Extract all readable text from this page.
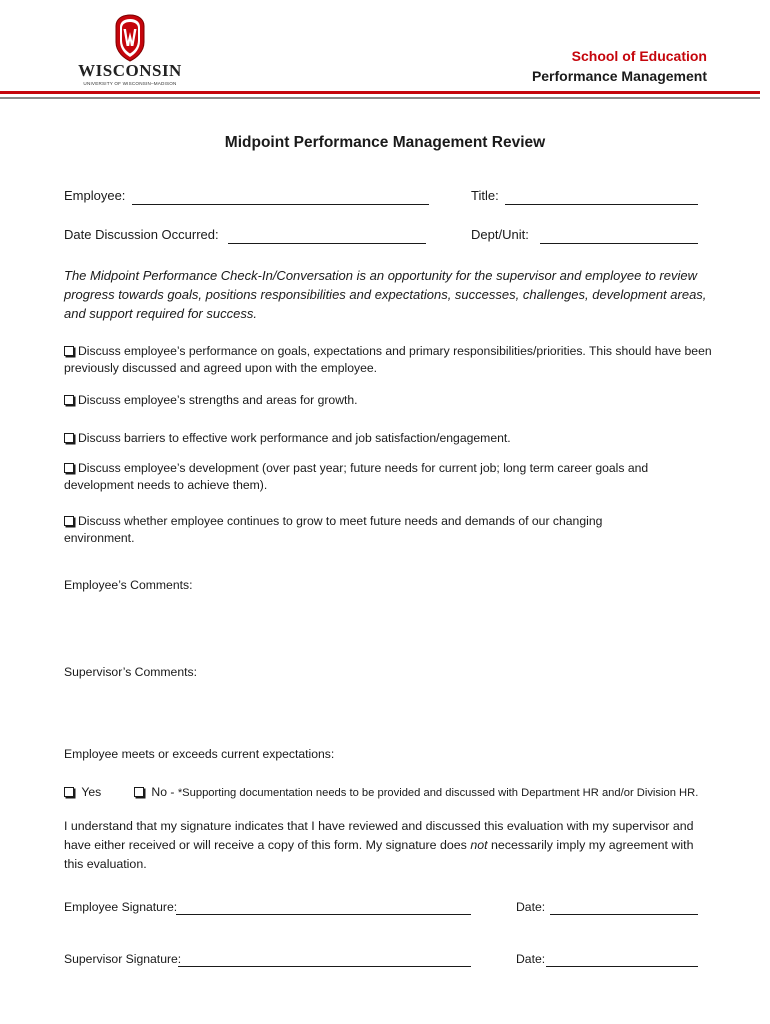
WISCONSIN
UNIVERSITY OF WISCONSIN–MADISON
School of Education
Performance Management
Midpoint Performance Management Review
Employee:	Title:
Date Discussion Occurred:	Dept/Unit:
The Midpoint Performance Check-In/Conversation is an opportunity for the supervisor and employee to review progress towards goals, positions responsibilities and expectations, successes, challenges, development areas, and support required for success.
Discuss employee’s performance on goals, expectations and primary responsibilities/priorities. This should have been previously discussed and agreed upon with the employee.
Discuss employee’s strengths and areas for growth.
Discuss barriers to effective work performance and job satisfaction/engagement.
Discuss employee’s development (over past year; future needs for current job; long term career goals and development needs to achieve them).
Discuss whether employee continues to grow to meet future needs and demands of our changing environment.
Employee’s Comments:
Supervisor’s Comments:
Employee meets or exceeds current expectations:
Yes	No - *Supporting documentation needs to be provided and discussed with Department HR and/or Division HR.
I understand that my signature indicates that I have reviewed and discussed this evaluation with my supervisor and have either received or will receive a copy of this form. My signature does not necessarily imply my agreement with this evaluation.
Employee Signature:	Date:
Supervisor Signature:	Date:
